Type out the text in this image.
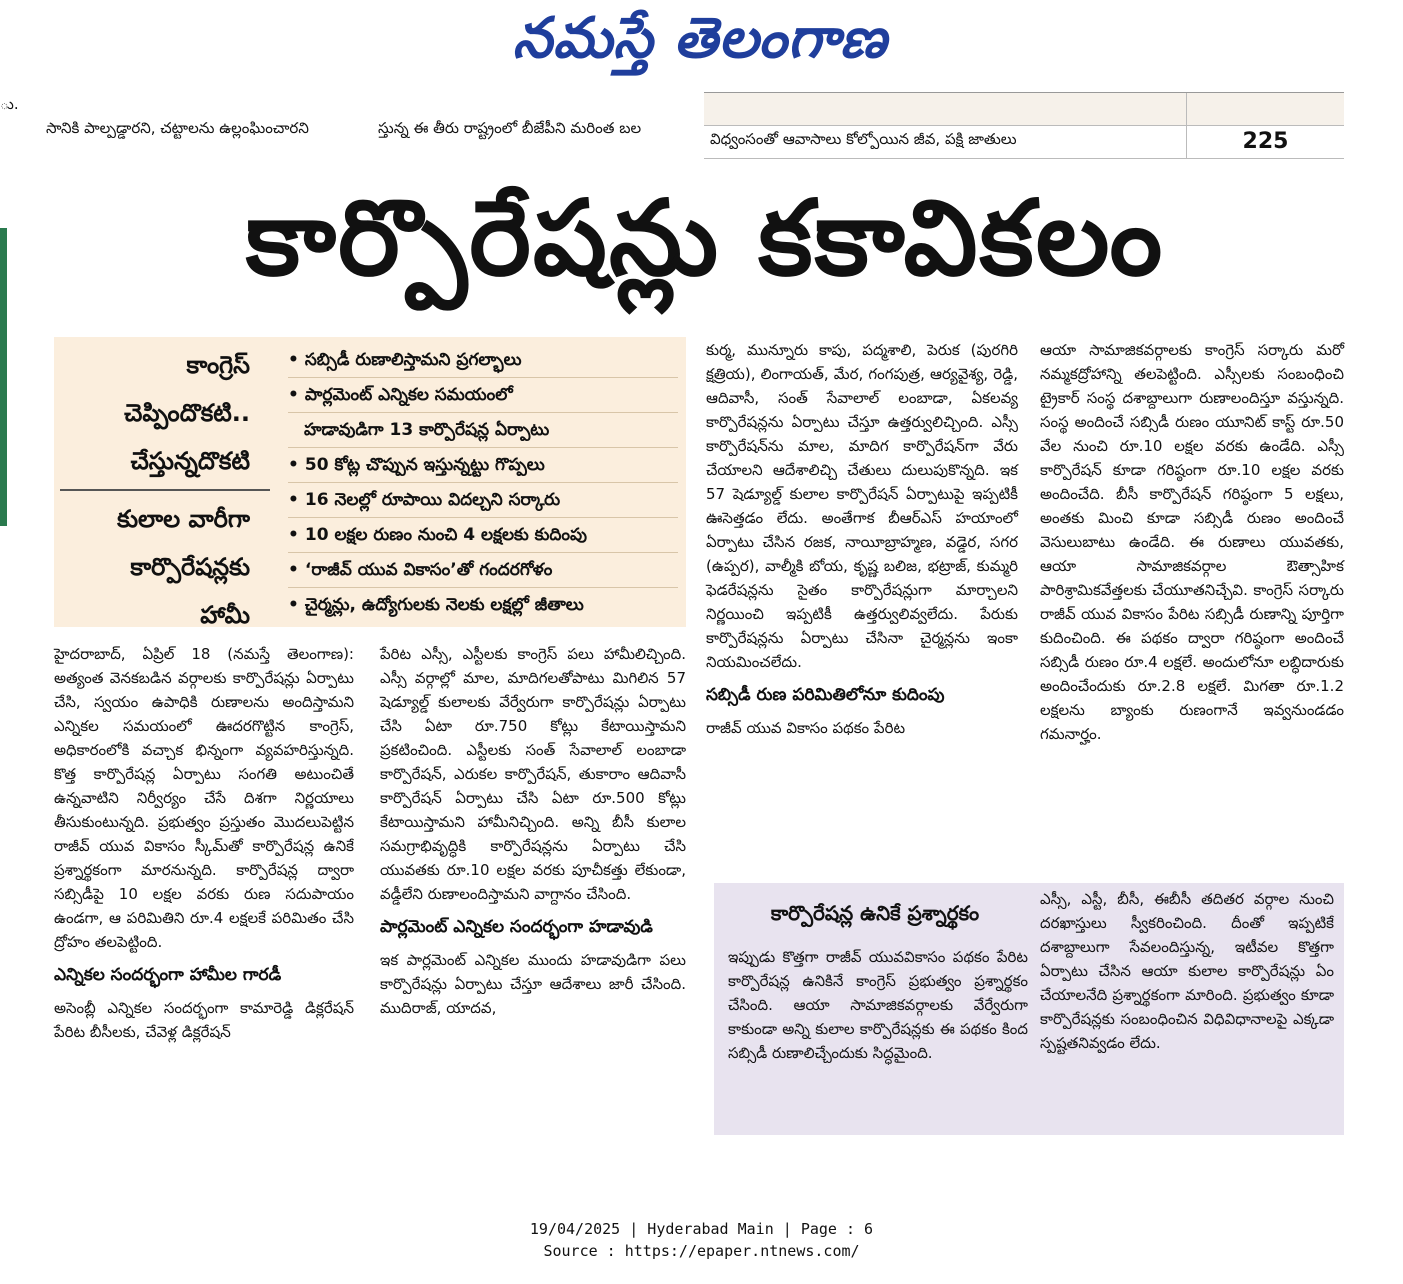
నమస్తే తెలంగాణ
ు.
సానికి పాల్పడ్డారని, చట్టాలను ఉల్లంఘించారని	స్తున్న ఈ తీరు రాష్ట్రంలో బీజేపీని మరింత బల
విధ్వంసంతో ఆవాసాలు కోల్పోయిన జీవ, పక్షి జాతులు	225
కార్పొరేషన్లు కకావికలం
కాంగ్రెస్
చెప్పిందొకటి..
చేస్తున్నదొకటి
కులాల వారీగా
కార్పొరేషన్లకు
హామీ
• సబ్సిడీ రుణాలిస్తామని ప్రగల్భాలు
• పార్లమెంట్ ఎన్నికల సమయంలో
హడావుడిగా 13 కార్పొరేషన్ల ఏర్పాటు
• 50 కోట్ల చొప్పున ఇస్తున్నట్టు గొప్పలు
• 16 నెలల్లో రూపాయి విదల్చని సర్కారు
• 10 లక్షల రుణం నుంచి 4 లక్షలకు కుదింపు
• ‘రాజీవ్ యువ వికాసం’తో గందరగోళం
• చైర్మన్లు, ఉద్యోగులకు నెలకు లక్షల్లో జీతాలు

హైదరాబాద్, ఏప్రిల్ 18 (నమస్తే తెలంగాణ): అత్యంత వెనకబడిన వర్గాలకు కార్పొరేషన్లు ఏర్పాటు చేసి, స్వయం ఉపాధికి రుణాలను అందిస్తామని ఎన్నికల సమయంలో ఊదరగొట్టిన కాంగ్రెస్, అధికారంలోకి వచ్చాక భిన్నంగా వ్యవహరిస్తున్నది. కొత్త కార్పొరేషన్ల ఏర్పాటు సంగతి అటుంచితే ఉన్నవాటిని నిర్వీర్యం చేసే దిశగా నిర్ణయాలు తీసుకుంటున్నది. ప్రభుత్వం ప్రస్తుతం మొదలుపెట్టిన రాజీవ్ యువ వికాసం స్కీమ్‌తో కార్పొరేషన్ల ఉనికే ప్రశ్నార్థకంగా మారనున్నది. కార్పొరేషన్ల ద్వారా సబ్సిడీపై 10 లక్షల వరకు రుణ సదుపాయం ఉండగా, ఆ పరిమితిని రూ.4 లక్షలకే పరిమితం చేసి ద్రోహం తలపెట్టింది.

ఎన్నికల సందర్భంగా హామీల గారడీ

అసెంబ్లీ ఎన్నికల సందర్భంగా కామారెడ్డి డిక్లరేషన్ పేరిట బీసీలకు, చేవెళ్ల డిక్లరేషన్

పేరిట ఎస్సీ, ఎస్టీలకు కాంగ్రెస్ పలు హామీలిచ్చింది. ఎస్సీ వర్గాల్లో మాల, మాదిగలతోపాటు మిగిలిన 57 షెడ్యూల్డ్ కులాలకు వేర్వేరుగా కార్పొరేషన్లు ఏర్పాటు చేసి ఏటా రూ.750 కోట్లు కేటాయిస్తామని ప్రకటించింది. ఎస్టీలకు సంత్ సేవాలాల్ లంబాడా కార్పొరేషన్, ఎరుకల కార్పొరేషన్, తుకారాం ఆదివాసీ కార్పొరేషన్ ఏర్పాటు చేసి ఏటా రూ.500 కోట్లు కేటాయిస్తామని హామీనిచ్చింది. అన్ని బీసీ కులాల సమగ్రాభివృద్ధికి కార్పొరేషన్లను ఏర్పాటు చేసి యువతకు రూ.10 లక్షల వరకు పూచీకత్తు లేకుండా, వడ్డీలేని రుణాలందిస్తామని వాగ్దానం చేసింది.

పార్లమెంట్ ఎన్నికల సందర్భంగా హడావుడి

ఇక పార్లమెంట్ ఎన్నికల ముందు హడావుడిగా పలు కార్పొరేషన్లు ఏర్పాటు చేస్తూ ఆదేశాలు జారీ చేసింది. ముదిరాజ్, యాదవ,

కుర్మ, మున్నూరు కాపు, పద్మశాలి, పెరుక (పురగిరి క్షత్రియ), లింగాయత్, మేర, గంగపుత్ర, ఆర్యవైశ్య, రెడ్డి, ఆదివాసీ, సంత్ సేవాలాల్ లంబాడా, ఏకలవ్య కార్పొరేషన్లను ఏర్పాటు చేస్తూ ఉత్తర్వులిచ్చింది. ఎస్సీ కార్పొరేషన్‌ను మాల, మాదిగ కార్పొరేషన్‌గా వేరు చేయాలని ఆదేశాలిచ్చి చేతులు దులుపుకొన్నది. ఇక 57 షెడ్యూల్డ్ కులాల కార్పొరేషన్ ఏర్పాటుపై ఇప్పటికీ ఊసెత్తడం లేదు. అంతేగాక బీఆర్‌ఎస్ హయాంలో ఏర్పాటు చేసిన రజక, నాయీబ్రాహ్మణ, వడ్డెర, సగర (ఉప్పర), వాల్మీకి బోయ, కృష్ణ బలిజ, భట్రాజ్, కుమ్మరి ఫెడరేషన్లను సైతం కార్పొరేషన్లుగా మార్చాలని నిర్ణయించి ఇప్పటికీ ఉత్తర్వులివ్వలేదు. పేరుకు కార్పొరేషన్లను ఏర్పాటు చేసినా చైర్మన్లను ఇంకా నియమించలేదు.

సబ్సిడీ రుణ పరిమితిలోనూ కుదింపు

రాజీవ్ యువ వికాసం పథకం పేరిట

ఆయా సామాజికవర్గాలకు కాంగ్రెస్ సర్కారు మరో నమ్మకద్రోహాన్ని తలపెట్టింది. ఎస్సీలకు సంబంధించి ట్రైకార్ సంస్థ దశాబ్దాలుగా రుణాలందిస్తూ వస్తున్నది. సంస్థ అందించే సబ్సిడీ రుణం యూనిట్ కాస్ట్ రూ.50 వేల నుంచి రూ.10 లక్షల వరకు ఉండేది. ఎస్సీ కార్పొరేషన్ కూడా గరిష్ఠంగా రూ.10 లక్షల వరకు అందించేది. బీసీ కార్పొరేషన్ గరిష్ఠంగా 5 లక్షలు, అంతకు మించి కూడా సబ్సిడీ రుణం అందించే వెసులుబాటు ఉండేది. ఈ రుణాలు యువతకు, ఆయా సామాజికవర్గాల ఔత్సాహిక పారిశ్రామికవేత్తలకు చేయూతనిచ్చేవి. కాంగ్రెస్ సర్కారు రాజీవ్ యువ వికాసం పేరిట సబ్సిడీ రుణాన్ని పూర్తిగా కుదించింది. ఈ పథకం ద్వారా గరిష్ఠంగా అందించే సబ్సిడీ రుణం రూ.4 లక్షలే. అందులోనూ లబ్ధిదారుకు అందించేందుకు రూ.2.8 లక్షలే. మిగతా రూ.1.2 లక్షలను బ్యాంకు రుణంగానే ఇవ్వనుండడం గమనార్హం.

కార్పొరేషన్ల ఉనికే ప్రశ్నార్థకం
ఇప్పుడు కొత్తగా రాజీవ్ యువవికాసం పథకం పేరిట కార్పొరేషన్ల ఉనికినే కాంగ్రెస్ ప్రభుత్వం ప్రశ్నార్థకం చేసింది. ఆయా సామాజికవర్గాలకు వేర్వేరుగా కాకుండా అన్ని కులాల కార్పొరేషన్లకు ఈ పథకం కింద సబ్సిడీ రుణాలిచ్చేందుకు సిద్ధమైంది.
ఎస్సీ, ఎస్టీ, బీసీ, ఈబీసీ తదితర వర్గాల నుంచి దరఖాస్తులు స్వీకరించింది. దీంతో ఇప్పటికే దశాబ్దాలుగా సేవలందిస్తున్న, ఇటీవల కొత్తగా ఏర్పాటు చేసిన ఆయా కులాల కార్పొరేషన్లు ఏం చేయాలనేది ప్రశ్నార్థకంగా మారింది. ప్రభుత్వం కూడా కార్పొరేషన్లకు సంబంధించిన విధివిధానాలపై ఎక్కడా స్పష్టతనివ్వడం లేదు.
19/04/2025 | Hyderabad Main | Page : 6
Source : https://epaper.ntnews.com/
